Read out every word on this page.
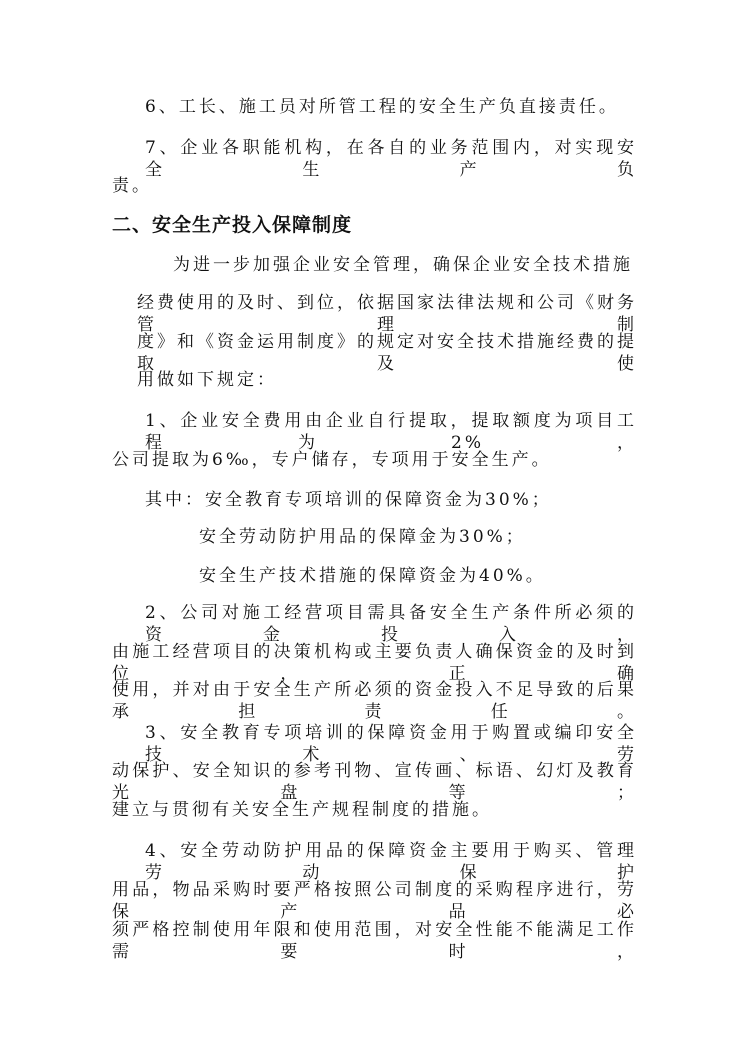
6、工长、施工员对所管工程的安全生产负直接责任。
7、企业各职能机构，在各自的业务范围内，对实现安全生产负
责。
二、安全生产投入保障制度
为进一步加强企业安全管理，确保企业安全技术措施
经费使用的及时、到位，依据国家法律法规和公司《财务管理制
度》和《资金运用制度》的规定对安全技术措施经费的提取及使
用做如下规定：
1、企业安全费用由企业自行提取，提取额度为项目工程为2%，
公司提取为6‰，专户储存，专项用于安全生产。
其中：安全教育专项培训的保障资金为30%；
安全劳动防护用品的保障金为30%；
安全生产技术措施的保障资金为40%。
2、公司对施工经营项目需具备安全生产条件所必须的资金投入，
由施工经营项目的决策机构或主要负责人确保资金的及时到位，正确
使用，并对由于安全生产所必须的资金投入不足导致的后果承担责任。
3、安全教育专项培训的保障资金用于购置或编印安全技术、劳
动保护、安全知识的参考刊物、宣传画、标语、幻灯及教育光盘等；
建立与贯彻有关安全生产规程制度的措施。
4、安全劳动防护用品的保障资金主要用于购买、管理劳动保护
用品，物品采购时要严格按照公司制度的采购程序进行，劳保产品必
须严格控制使用年限和使用范围，对安全性能不能满足工作需要时，
